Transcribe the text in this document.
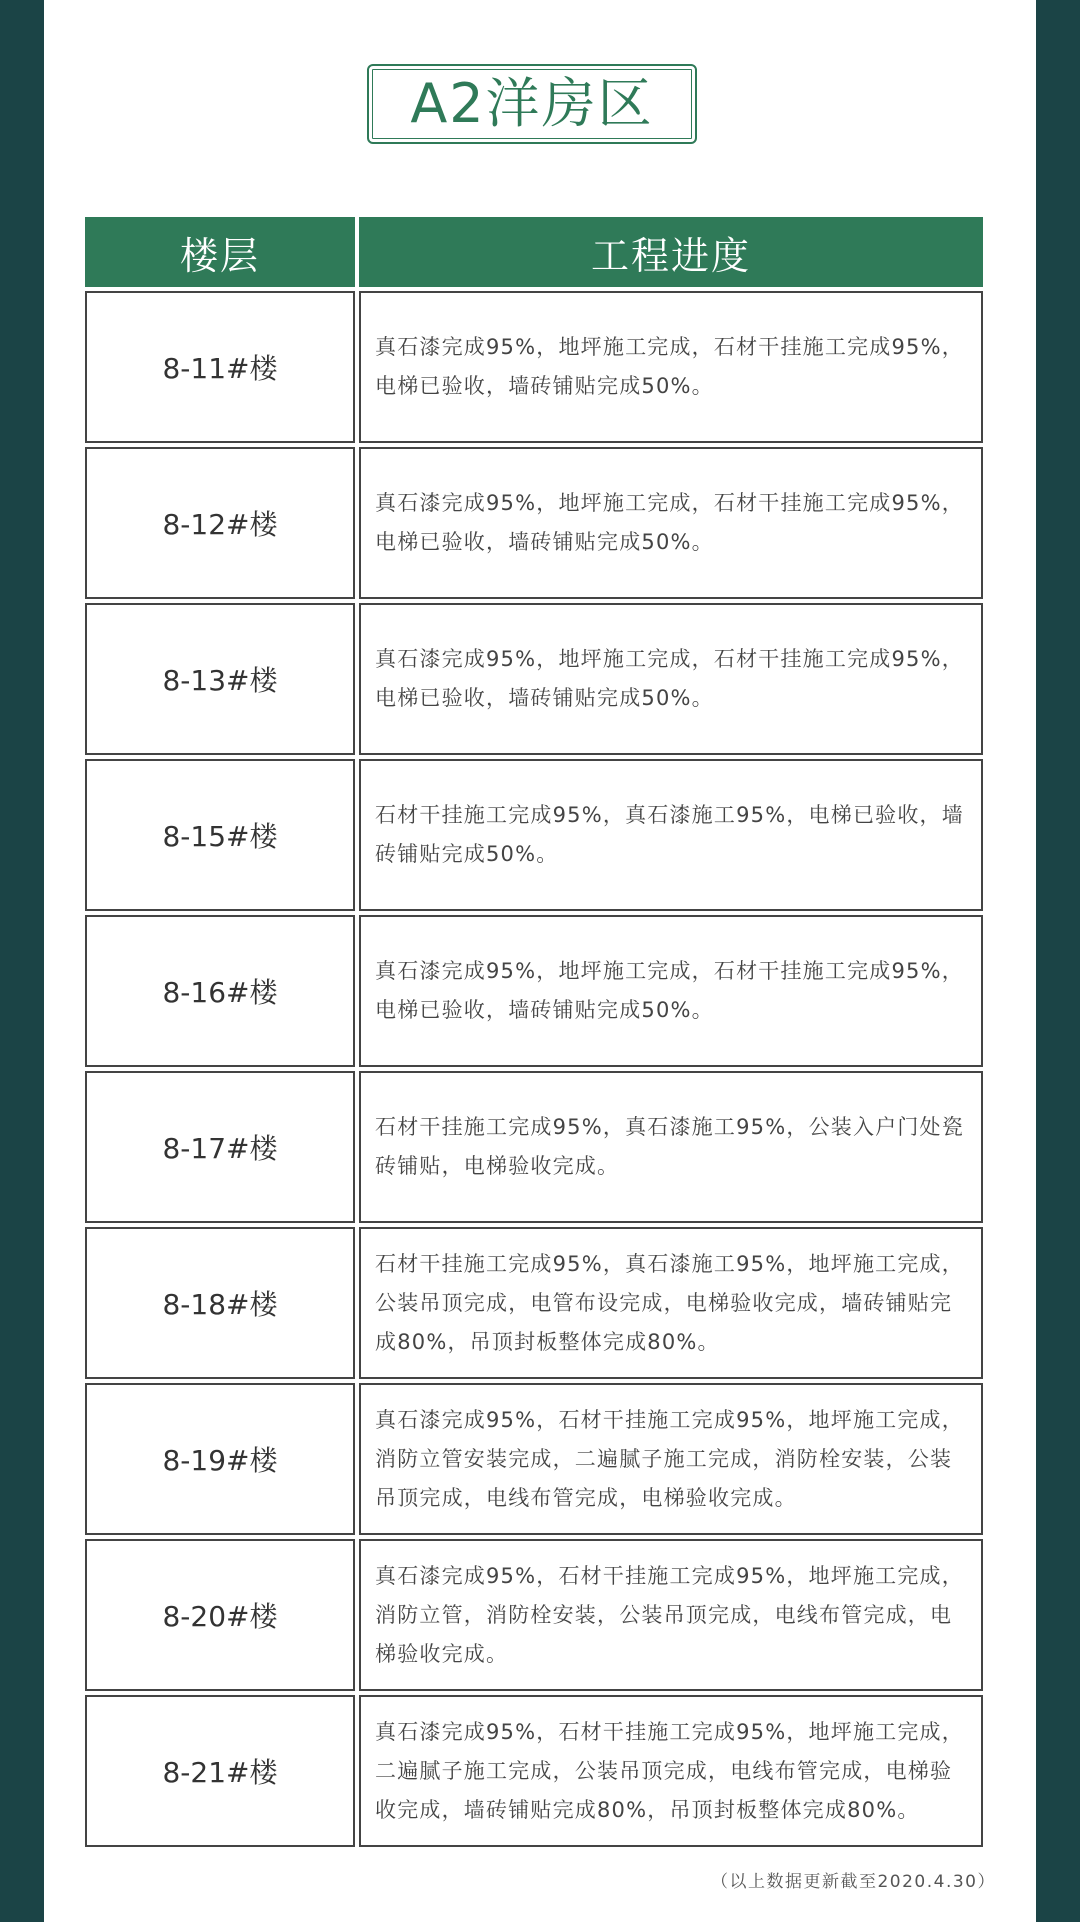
A2洋房区
楼层	工程进度
8-11#楼
真石漆完成95%，地坪施工完成，石材干挂施工完成95%，电梯已验收，墙砖铺贴完成50%。
8-12#楼
真石漆完成95%，地坪施工完成，石材干挂施工完成95%，电梯已验收，墙砖铺贴完成50%。
8-13#楼
真石漆完成95%，地坪施工完成，石材干挂施工完成95%，电梯已验收，墙砖铺贴完成50%。
8-15#楼
石材干挂施工完成95%，真石漆施工95%，电梯已验收，墙砖铺贴完成50%。
8-16#楼
真石漆完成95%，地坪施工完成，石材干挂施工完成95%，电梯已验收，墙砖铺贴完成50%。
8-17#楼
石材干挂施工完成95%，真石漆施工95%，公装入户门处瓷砖铺贴，电梯验收完成。
8-18#楼
石材干挂施工完成95%，真石漆施工95%，地坪施工完成，公装吊顶完成，电管布设完成，电梯验收完成，墙砖铺贴完成80%，吊顶封板整体完成80%。
8-19#楼
真石漆完成95%，石材干挂施工完成95%，地坪施工完成，消防立管安装完成，二遍腻子施工完成，消防栓安装，公装吊顶完成，电线布管完成，电梯验收完成。
8-20#楼
真石漆完成95%，石材干挂施工完成95%，地坪施工完成，消防立管，消防栓安装，公装吊顶完成，电线布管完成，电梯验收完成。
8-21#楼
真石漆完成95%，石材干挂施工完成95%，地坪施工完成，二遍腻子施工完成，公装吊顶完成，电线布管完成，电梯验收完成，墙砖铺贴完成80%，吊顶封板整体完成80%。
（以上数据更新截至2020.4.30）
